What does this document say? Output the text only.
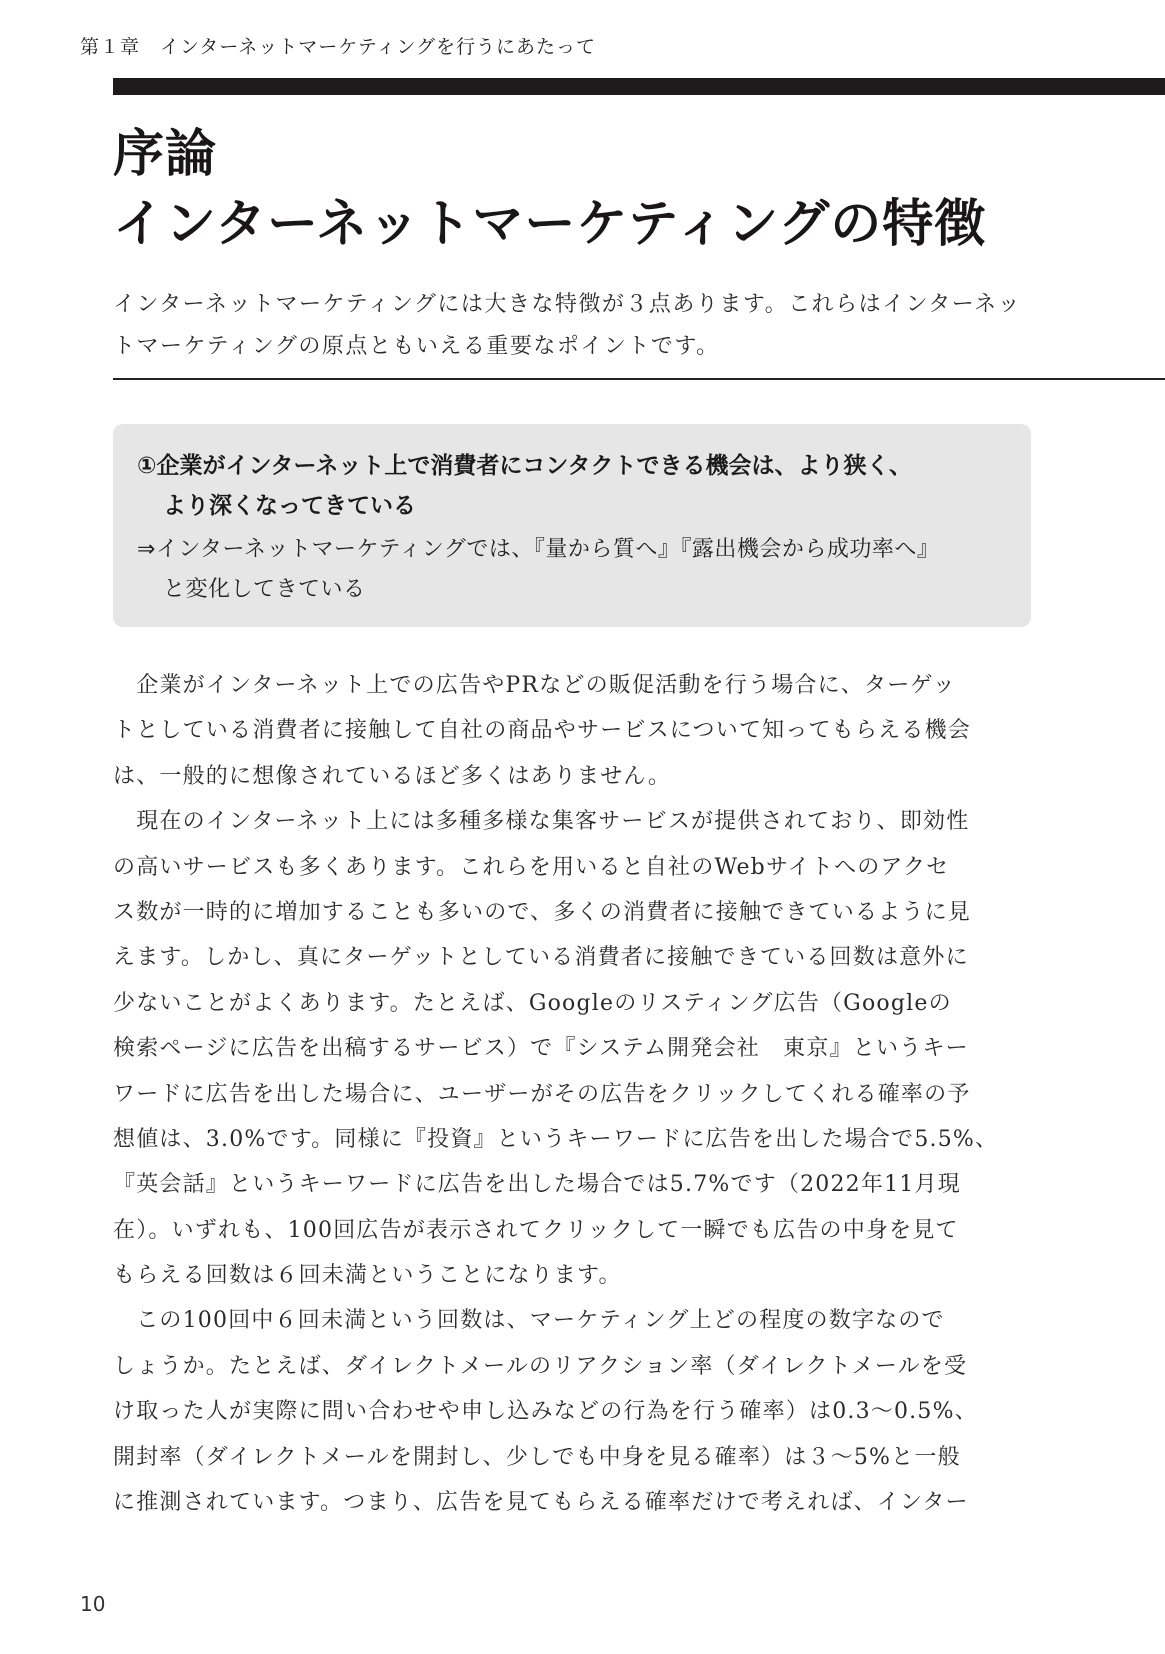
第１章　インターネットマーケティングを行うにあたって
序論
インターネットマーケティングの特徴

インターネットマーケティングには大きな特徴が３点あります。これらはインターネッ
トマーケティングの原点ともいえる重要なポイントです。

①企業がインターネット上で消費者にコンタクトできる機会は、より狭く、
より深くなってきている

⇒インターネットマーケティングでは、『量から質へ』『露出機会から成功率へ』
と変化してきている

　企業がインターネット上での広告やPRなどの販促活動を行う場合に、ターゲッ
トとしている消費者に接触して自社の商品やサービスについて知ってもらえる機会
は、一般的に想像されているほど多くはありません。
　現在のインターネット上には多種多様な集客サービスが提供されており、即効性
の高いサービスも多くあります。これらを用いると自社のWebサイトへのアクセ
ス数が一時的に増加することも多いので、多くの消費者に接触できているように見
えます。しかし、真にターゲットとしている消費者に接触できている回数は意外に
少ないことがよくあります。たとえば、Googleのリスティング広告（Googleの
検索ページに広告を出稿するサービス）で『システム開発会社　東京』というキー
ワードに広告を出した場合に、ユーザーがその広告をクリックしてくれる確率の予
想値は、3.0%です。同様に『投資』というキーワードに広告を出した場合で5.5%、
『英会話』というキーワードに広告を出した場合では5.7%です（2022年11月現
在）。いずれも、100回広告が表示されてクリックして一瞬でも広告の中身を見て
もらえる回数は６回未満ということになります。
　この100回中６回未満という回数は、マーケティング上どの程度の数字なので
しょうか。たとえば、ダイレクトメールのリアクション率（ダイレクトメールを受
け取った人が実際に問い合わせや申し込みなどの行為を行う確率）は0.3～0.5%、
開封率（ダイレクトメールを開封し、少しでも中身を見る確率）は３～5%と一般
に推測されています。つまり、広告を見てもらえる確率だけで考えれば、インター
10
